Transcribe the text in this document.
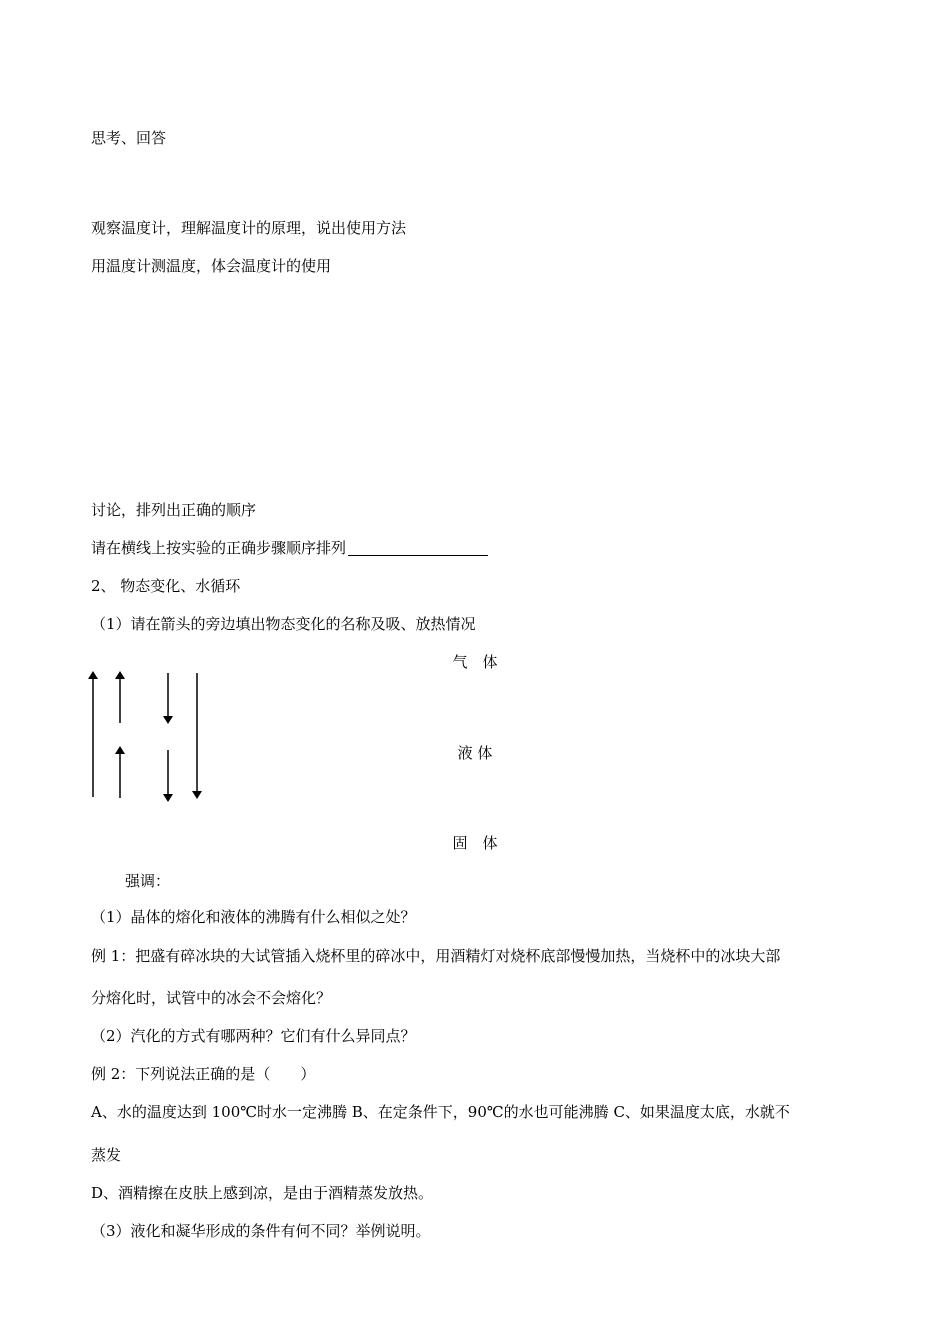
思考、回答
观察温度计，理解温度计的原理，说出使用方法
用温度计测温度，体会温度计的使用
讨论，排列出正确的顺序
请在横线上按实验的正确步骤顺序排列
2、 物态变化、水循环
（1）请在箭头的旁边填出物态变化的名称及吸、放热情况
气　体
液 体
固　体
强调：
（1）晶体的熔化和液体的沸腾有什么相似之处？
例 1：把盛有碎冰块的大试管插入烧杯里的碎冰中，用酒精灯对烧杯底部慢慢加热，当烧杯中的冰块大部
分熔化时，试管中的冰会不会熔化？
（2）汽化的方式有哪两种？它们有什么异同点？
例 2：下列说法正确的是（　　）
A、水的温度达到 100℃时水一定沸腾 B、在定条件下，90℃的水也可能沸腾 C、如果温度太底，水就不
蒸发
D、酒精擦在皮肤上感到凉，是由于酒精蒸发放热。
（3）液化和凝华形成的条件有何不同？举例说明。
